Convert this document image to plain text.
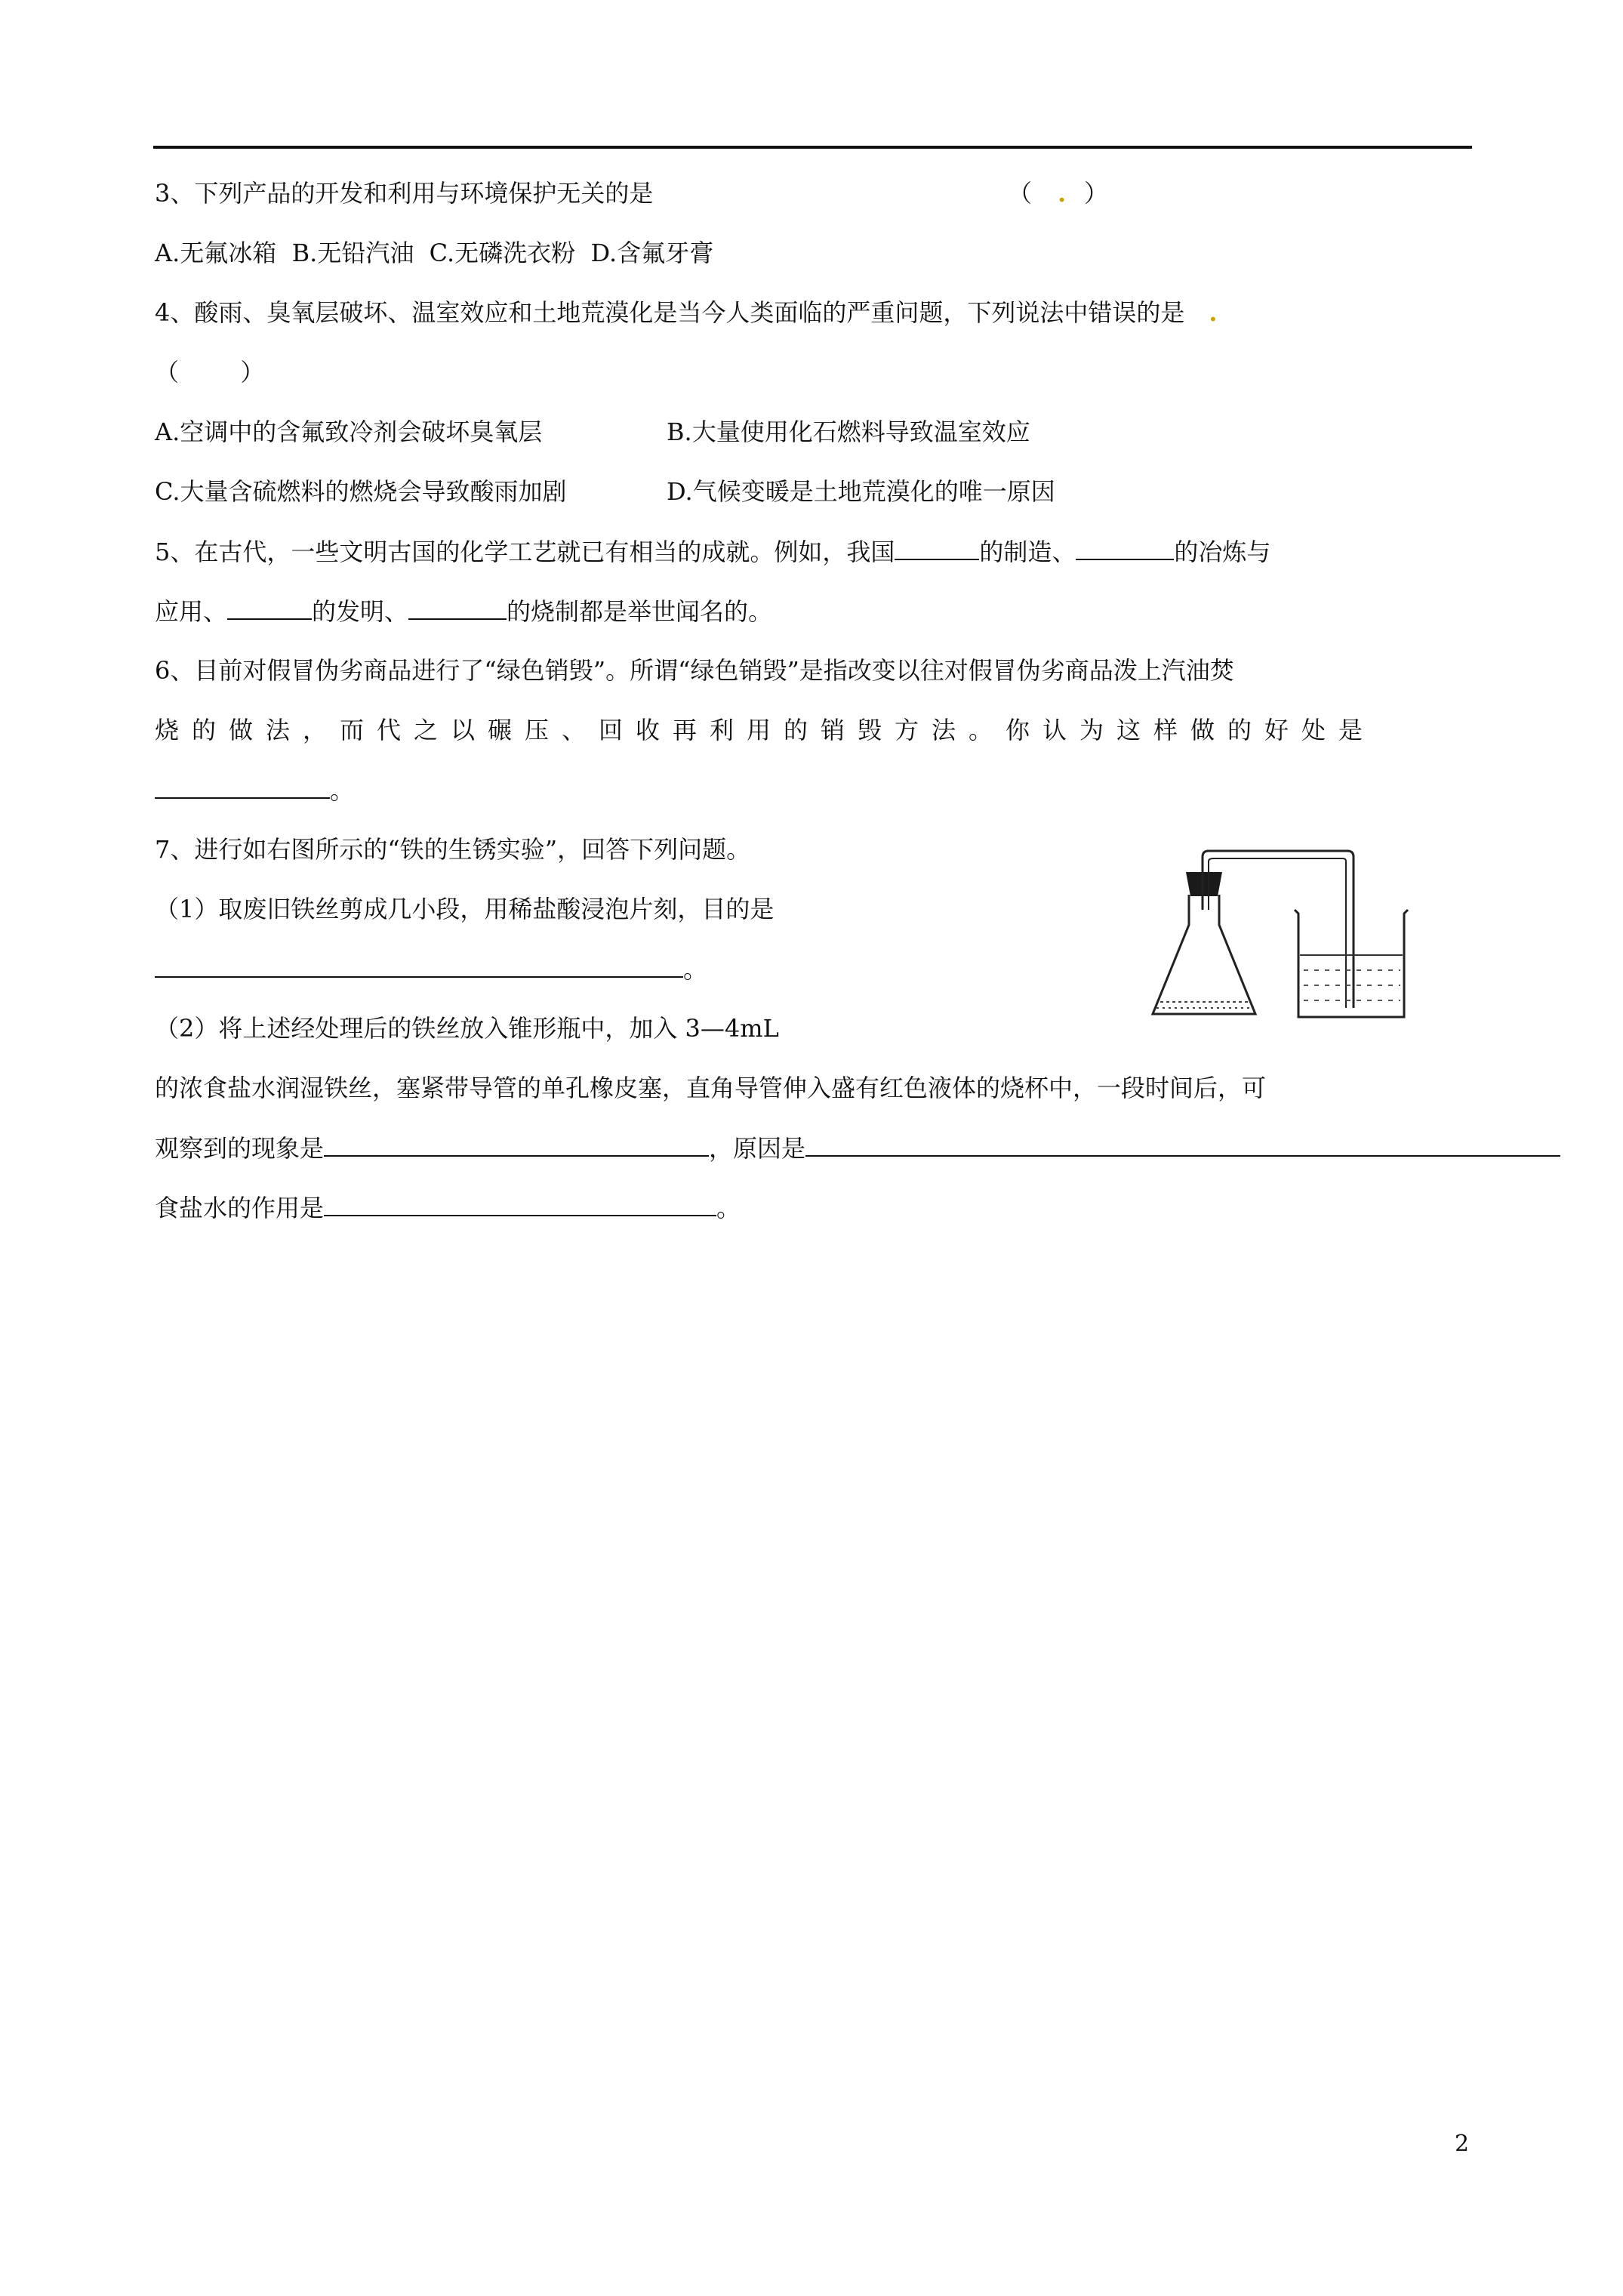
3、下列产品的开发和利用与环境保护无关的是	（ . ）
A.无氟冰箱  B.无铅汽油  C.无磷洗衣粉  D.含氟牙膏
4、酸雨、臭氧层破坏、温室效应和土地荒漠化是当今人类面临的严重问题，下列说法中错误的是 .
（        ）
A.空调中的含氟致冷剂会破坏臭氧层	B.大量使用化石燃料导致温室效应
C.大量含硫燃料的燃烧会导致酸雨加剧	D.气候变暖是土地荒漠化的唯一原因
5、在古代，一些文明古国的化学工艺就已有相当的成就。例如，我国	的制造、	的冶炼与
应用、	的发明、	的烧制都是举世闻名的。
6、目前对假冒伪劣商品进行了“绿色销毁”。所谓“绿色销毁”是指改变以往对假冒伪劣商品泼上汽油焚
烧的做法，而代之以碾压、回收再利用的销毁方法。你认为这样做的好处是
。
7、进行如右图所示的“铁的生锈实验”，回答下列问题。
（1）取废旧铁丝剪成几小段，用稀盐酸浸泡片刻，目的是
。
（2）将上述经处理后的铁丝放入锥形瓶中，加入 3—4mL
的浓食盐水润湿铁丝，塞紧带导管的单孔橡皮塞，直角导管伸入盛有红色液体的烧杯中，一段时间后，可
观察到的现象是	，原因是
食盐水的作用是	。
2
